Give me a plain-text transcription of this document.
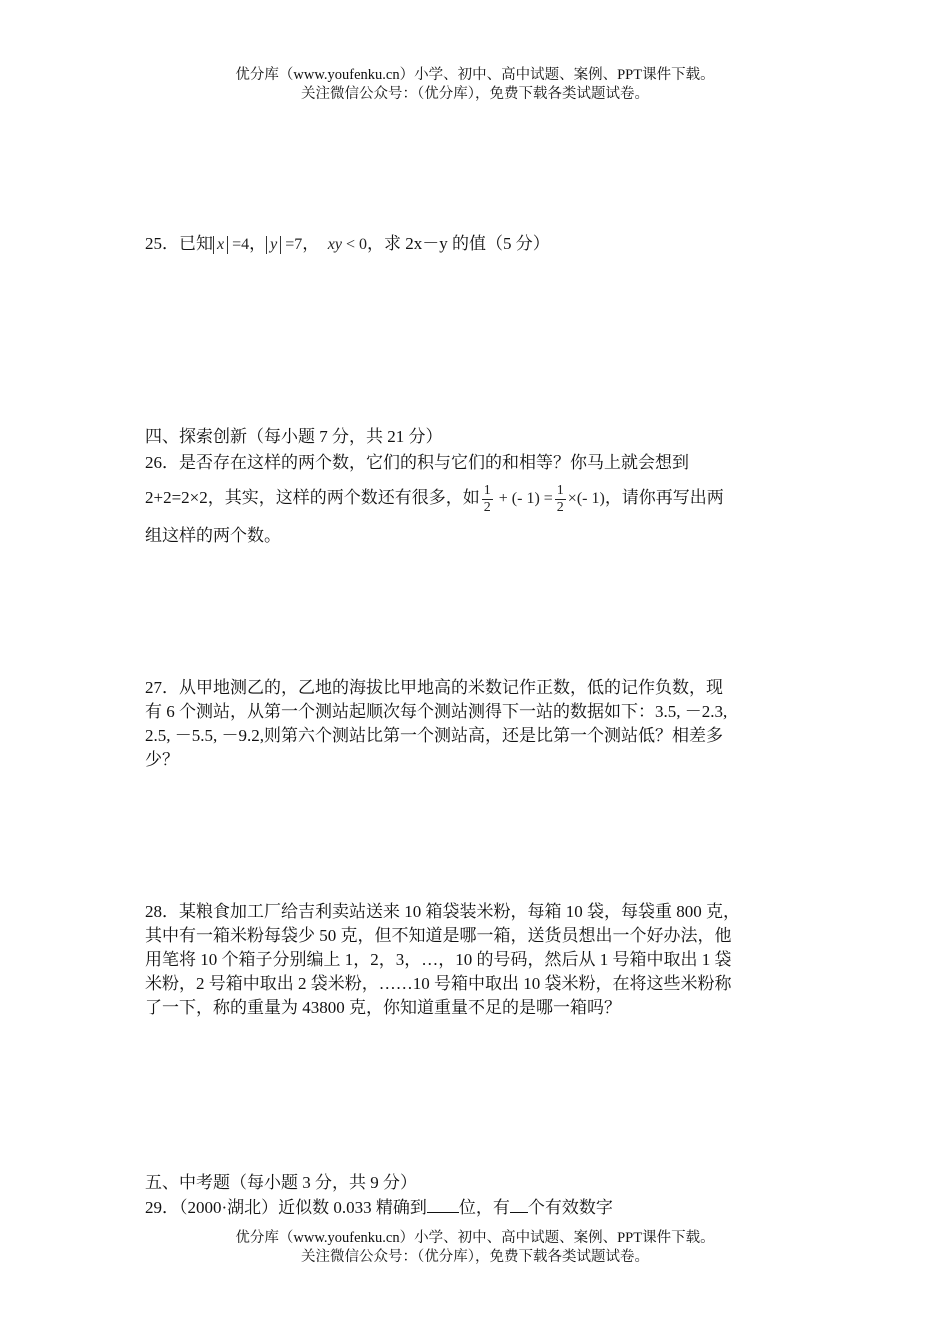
优分库（www.youfenku.cn）小学、初中、高中试题、案例、PPT课件下载。
关注微信公众号：（优分库），免费下载各类试题试卷。
25．已知 x =4， y =7， xy < 0，求 2x－y 的值（5 分）
四、探索创新（每小题 7 分，共 21 分）
26．是否存在这样的两个数，它们的积与它们的和相等？你马上就会想到
2+2=2×2，其实，这样的两个数还有很多，如 $\frac{1}{2}$ + (- $1) = \frac{1}{2}$ ×(- 1)，请你再写出两
组这样的两个数。
27．从甲地测乙的，乙地的海拔比甲地高的米数记作正数，低的记作负数，现
有 6 个测站，从第一个测站起顺次每个测站测得下一站的数据如下：3.5, －2.3,
2.5, －5.5, －9.2,则第六个测站比第一个测站高，还是比第一个测站低？相差多
少？
28．某粮食加工厂给吉利卖站送来 10 箱袋装米粉，每箱 10 袋，每袋重 800 克，
其中有一箱米粉每袋少 50 克，但不知道是哪一箱，送货员想出一个好办法，他
用笔将 10 个箱子分别编上 1，2，3，…，10 的号码，然后从 1 号箱中取出 1 袋
米粉，2 号箱中取出 2 袋米粉，……10 号箱中取出 10 袋米粉，在将这些米粉称
了一下，称的重量为 43800 克，你知道重量不足的是哪一箱吗？
五、中考题（每小题 3 分，共 9 分）
29．（2000·湖北）近似数 0.033 精确到 位，有 个有效数字
优分库（www.youfenku.cn）小学、初中、高中试题、案例、PPT课件下载。
关注微信公众号：（优分库），免费下载各类试题试卷。
